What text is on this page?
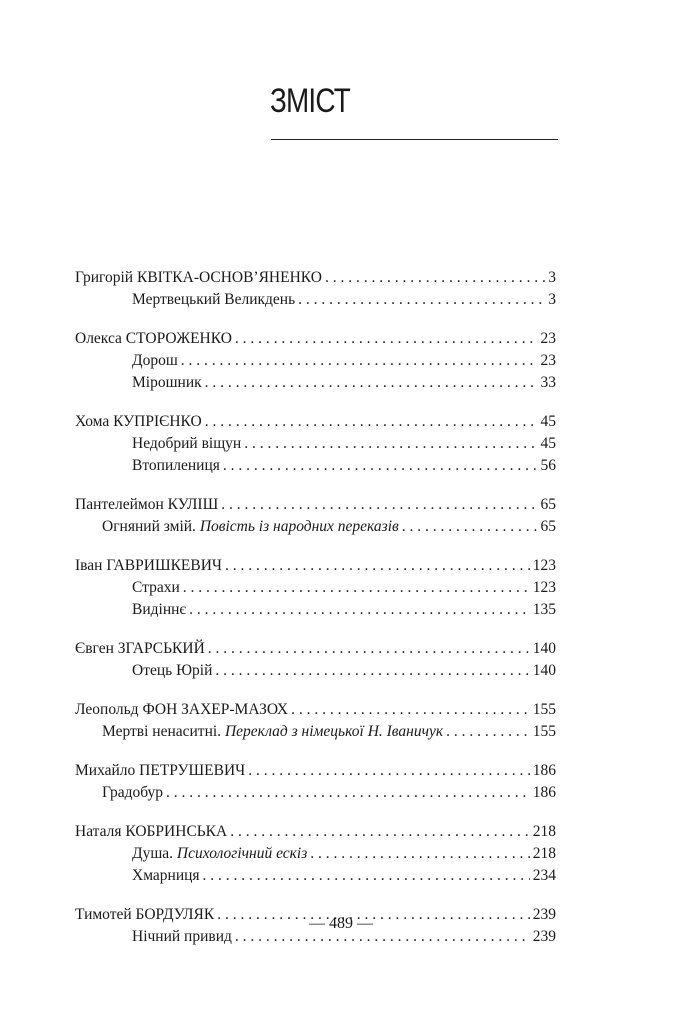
ЗМІСТ
Григорій КВІТКА-ОСНОВ’ЯНЕНКО . . .	3
Мертвецький Великдень . . .	3
Олекса СТОРОЖЕНКО . . .	23
Дорош . . .	23
Мірошник . . .	33
Хома КУПРІЄНКО . . .	45
Недобрий віщун . . .	45
Втопилениця . . .	56
Пантелеймон КУЛІШ . . .	65
Огняний змій. Повість із народних переказів . . .	65
Іван ГАВРИШКЕВИЧ . . .	123
Страхи . . .	123
Видіннє . . .	135
Євген ЗГАРСЬКИЙ . . .	140
Отець Юрій . . .	140
Леопольд ФОН ЗАХЕР-МАЗОХ . . .	155
Мертві ненаситні. Переклад з німецької Н. Іваничук . . .	155
Михайло ПЕТРУШЕВИЧ . . .	186
Градобур . . .	186
Наталя КОБРИНСЬКА . . .	218
Душа. Психологічний ескіз . . .	218
Хмарниця . . .	234
Тимотей БОРДУЛЯК . . .	239
Нічний привид . . .	239
— 489 —
